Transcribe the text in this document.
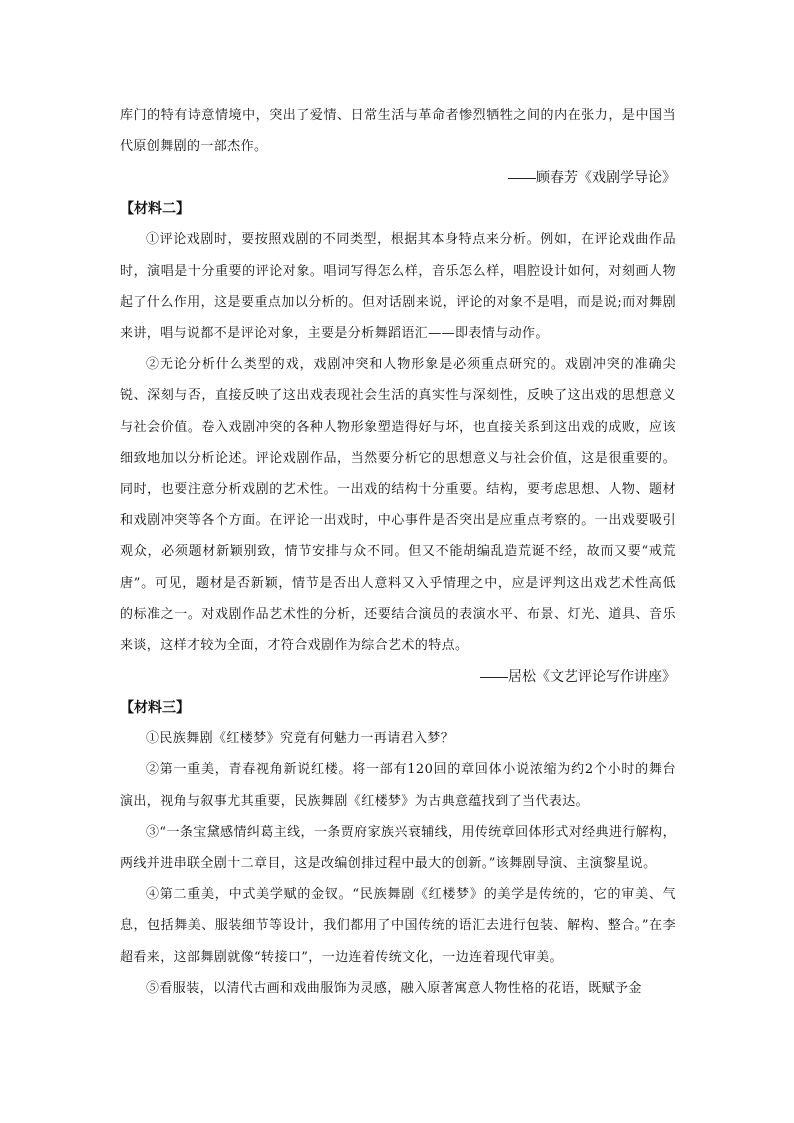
库门的特有诗意情境中，突出了爱情、日常生活与革命者惨烈牺牲之间的内在张力，是中国当代原创舞剧的一部杰作。

——顾春芳《戏剧学导论》

【材料二】

①评论戏剧时，要按照戏剧的不同类型，根据其本身特点来分析。例如，在评论戏曲作品时，演唱是十分重要的评论对象。唱词写得怎么样，音乐怎么样，唱腔设计如何，对刻画人物起了什么作用，这是要重点加以分析的。但对话剧来说，评论的对象不是唱，而是说;而对舞剧来讲，唱与说都不是评论对象，主要是分析舞蹈语汇——即表情与动作。

②无论分析什么类型的戏，戏剧冲突和人物形象是必须重点研究的。戏剧冲突的准确尖锐、深刻与否，直接反映了这出戏表现社会生活的真实性与深刻性，反映了这出戏的思想意义与社会价值。卷入戏剧冲突的各种人物形象塑造得好与坏，也直接关系到这出戏的成败，应该细致地加以分析论述。评论戏剧作品，当然要分析它的思想意义与社会价值，这是很重要的。同时，也要注意分析戏剧的艺术性。一出戏的结构十分重要。结构，要考虑思想、人物、题材和戏剧冲突等各个方面。在评论一出戏时，中心事件是否突出是应重点考察的。一出戏要吸引观众，必须题材新颖别致，情节安排与众不同。但又不能胡编乱造荒诞不经，故而又要“戒荒唐”。可见，题材是否新颖，情节是否出人意料又入乎情理之中，应是评判这出戏艺术性高低的标准之一。对戏剧作品艺术性的分析，还要结合演员的表演水平、布景、灯光、道具、音乐来谈，这样才较为全面，才符合戏剧作为综合艺术的特点。

——居松《文艺评论写作讲座》

【材料三】

①民族舞剧《红楼梦》究竟有何魅力一再请君入梦？

②第一重美，青春视角新说红楼。将一部有120回的章回体小说浓缩为约2个小时的舞台演出，视角与叙事尤其重要，民族舞剧《红楼梦》为古典意蕴找到了当代表达。

③“一条宝黛感情纠葛主线，一条贾府家族兴衰辅线，用传统章回体形式对经典进行解构，两线并进串联全剧十二章目，这是改编创排过程中最大的创新。”该舞剧导演、主演黎星说。

④第二重美，中式美学赋的金钗。“民族舞剧《红楼梦》的美学是传统的，它的审美、气息，包括舞美、服装细节等设计，我们都用了中国传统的语汇去进行包装、解构、整合。”在李超看来，这部舞剧就像“转接口”，一边连着传统文化，一边连着现代审美。

⑤看服装，以清代古画和戏曲服饰为灵感，融入原著寓意人物性格的花语，既赋予金
